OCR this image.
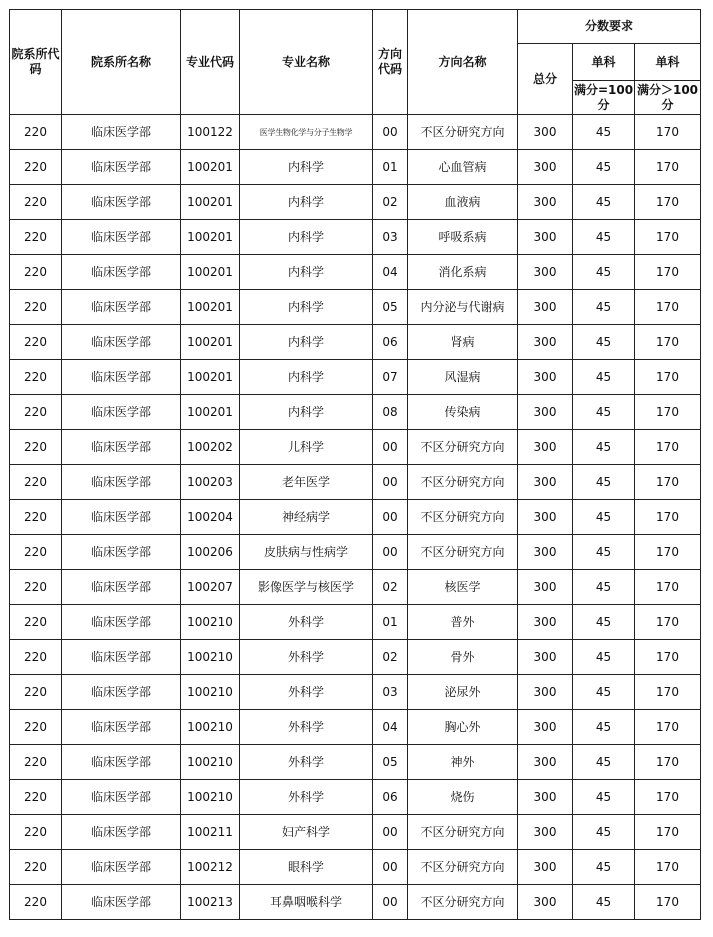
院系所代码	院系所名称	专业代码	专业名称	方向代码	方向名称	分数要求		
						总分	单科	单科
							满分=100分	满分＞100分
220	临床医学部	100122	医学生物化学与分子生物学	00	不区分研究方向	300	45	170
220	临床医学部	100201	内科学	01	心血管病	300	45	170
220	临床医学部	100201	内科学	02	血液病	300	45	170
220	临床医学部	100201	内科学	03	呼吸系病	300	45	170
220	临床医学部	100201	内科学	04	消化系病	300	45	170
220	临床医学部	100201	内科学	05	内分泌与代谢病	300	45	170
220	临床医学部	100201	内科学	06	肾病	300	45	170
220	临床医学部	100201	内科学	07	风湿病	300	45	170
220	临床医学部	100201	内科学	08	传染病	300	45	170
220	临床医学部	100202	儿科学	00	不区分研究方向	300	45	170
220	临床医学部	100203	老年医学	00	不区分研究方向	300	45	170
220	临床医学部	100204	神经病学	00	不区分研究方向	300	45	170
220	临床医学部	100206	皮肤病与性病学	00	不区分研究方向	300	45	170
220	临床医学部	100207	影像医学与核医学	02	核医学	300	45	170
220	临床医学部	100210	外科学	01	普外	300	45	170
220	临床医学部	100210	外科学	02	骨外	300	45	170
220	临床医学部	100210	外科学	03	泌尿外	300	45	170
220	临床医学部	100210	外科学	04	胸心外	300	45	170
220	临床医学部	100210	外科学	05	神外	300	45	170
220	临床医学部	100210	外科学	06	烧伤	300	45	170
220	临床医学部	100211	妇产科学	00	不区分研究方向	300	45	170
220	临床医学部	100212	眼科学	00	不区分研究方向	300	45	170
220	临床医学部	100213	耳鼻咽喉科学	00	不区分研究方向	300	45	170
